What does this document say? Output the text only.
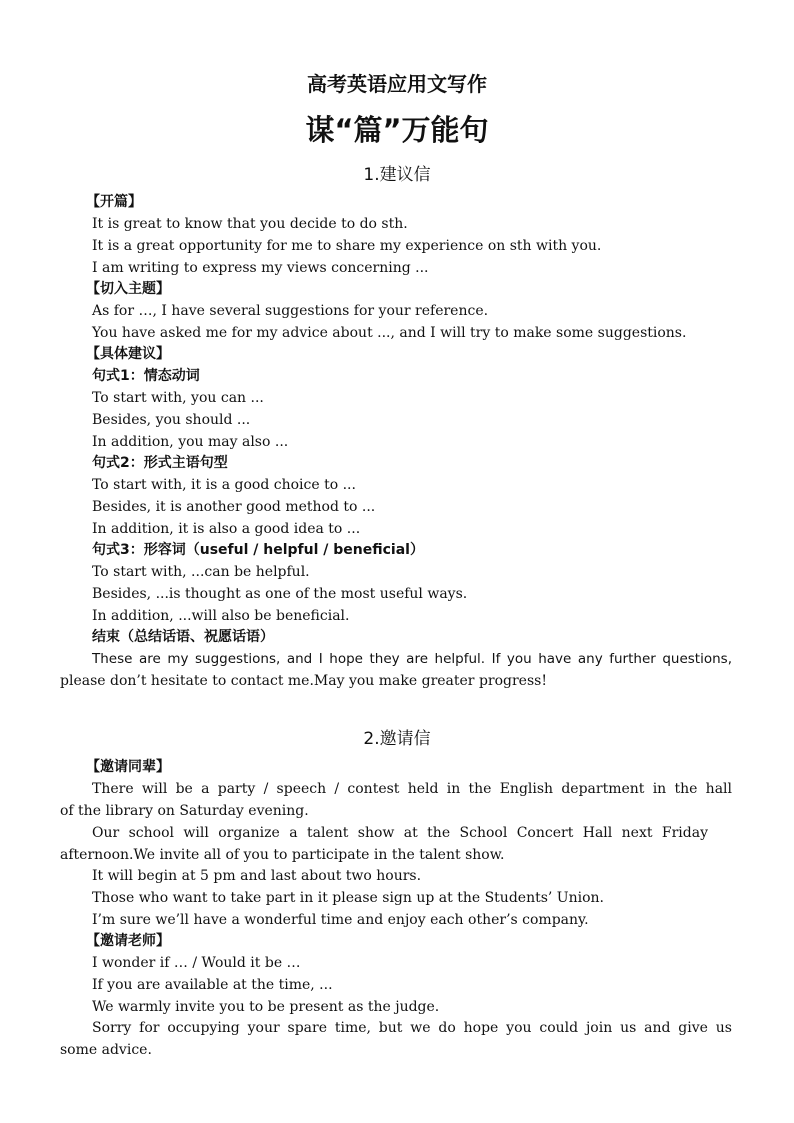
高考英语应用文写作
谋“篇”万能句
1.建议信
【开篇】
It is great to know that you decide to do sth.
It is a great opportunity for me to share my experience on sth with you.
I am writing to express my views concerning ...
【切入主题】
As for …, I have several suggestions for your reference.
You have asked me for my advice about ..., and I will try to make some suggestions.
【具体建议】
句式1：情态动词
To start with, you can ...
Besides, you should ...
In addition, you may also ...
句式2：形式主语句型
To start with, it is a good choice to ...
Besides, it is another good method to ...
In addition, it is also a good idea to ...
句式3：形容词（useful / helpful / beneficial）
To start with, ...can be helpful.
Besides, ...is thought as one of the most useful ways.
In addition, ...will also be beneficial.
结束（总结话语、祝愿话语）
These are my suggestions, and I hope they are helpful. If you have any further questions,
please don’t hesitate to contact me.May you make greater progress!
2.邀请信
【邀请同辈】
There will be a party / speech / contest held in the English department in the hall
of the library on Saturday evening.
Our school will organize a talent show at the School Concert Hall next Friday
afternoon.We invite all of you to participate in the talent show.
It will begin at 5 pm and last about two hours.
Those who want to take part in it please sign up at the Students’ Union.
I’m sure we’ll have a wonderful time and enjoy each other’s company.
【邀请老师】
I wonder if … / Would it be …
If you are available at the time, ...
We warmly invite you to be present as the judge.
Sorry for occupying your spare time, but we do hope you could join us and give us
some advice.
